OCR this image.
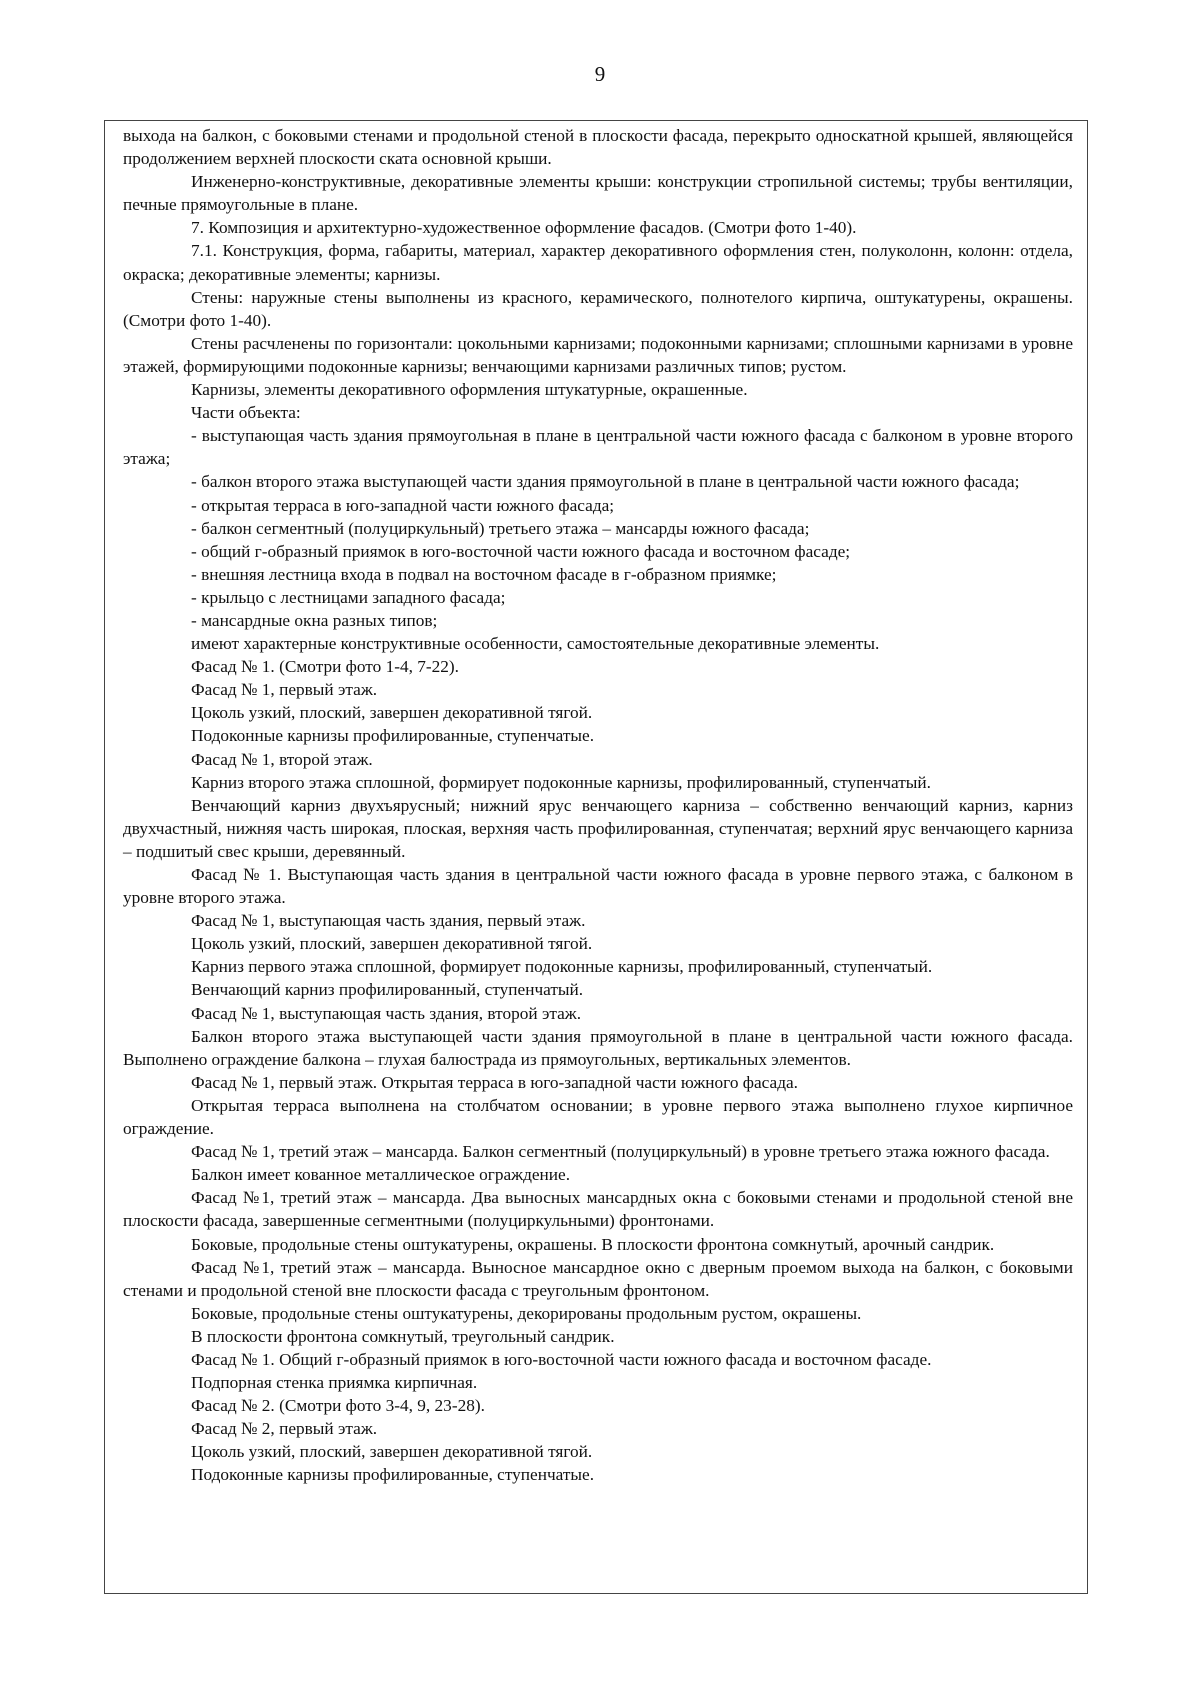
9

выхода на балкон, с боковыми стенами и продольной стеной в плоскости фасада, перекрыто односкатной крышей, являющейся продолжением верхней плоскости ската основной крыши.

Инженерно-конструктивные, декоративные элементы крыши: конструкции стропильной системы; трубы вентиляции, печные прямоугольные в плане.

7. Композиция и архитектурно-художественное оформление фасадов. (Смотри фото 1-40).

7.1. Конструкция, форма, габариты, материал, характер декоративного оформления стен, полуколонн, колонн: отдела, окраска; декоративные элементы; карнизы.

Стены: наружные стены выполнены из красного, керамического, полнотелого кирпича, оштукатурены, окрашены. (Смотри фото 1-40).

Стены расчленены по горизонтали: цокольными карнизами; подоконными карнизами; сплошными карнизами в уровне этажей, формирующими подоконные карнизы; венчающими карнизами различных типов; рустом.

Карнизы, элементы декоративного оформления штукатурные, окрашенные.

Части объекта:

- выступающая часть здания прямоугольная в плане в центральной части южного фасада с балконом в уровне второго этажа;

- балкон второго этажа выступающей части здания прямоугольной в плане в центральной части южного фасада;

- открытая терраса в юго-западной части южного фасада;

- балкон сегментный (полуциркульный) третьего этажа – мансарды южного фасада;

- общий г-образный приямок в юго-восточной части южного фасада и восточном фасаде;

- внешняя лестница входа в подвал на восточном фасаде в г-образном приямке;

- крыльцо с лестницами западного фасада;

- мансардные окна разных типов;

имеют характерные конструктивные особенности, самостоятельные декоративные элементы.

Фасад № 1. (Смотри фото 1-4, 7-22).

Фасад № 1, первый этаж.

Цоколь узкий, плоский, завершен декоративной тягой.

Подоконные карнизы профилированные, ступенчатые.

Фасад № 1, второй этаж.

Карниз второго этажа сплошной, формирует подоконные карнизы, профилированный, ступенчатый.

Венчающий карниз двухъярусный; нижний ярус венчающего карниза – собственно венчающий карниз, карниз двухчастный, нижняя часть широкая, плоская, верхняя часть профилированная, ступенчатая; верхний ярус венчающего карниза – подшитый свес крыши, деревянный.

Фасад № 1. Выступающая часть здания в центральной части южного фасада в уровне первого этажа, с балконом в уровне второго этажа.

Фасад № 1, выступающая часть здания, первый этаж.

Цоколь узкий, плоский, завершен декоративной тягой.

Карниз первого этажа сплошной, формирует подоконные карнизы, профилированный, ступенчатый.

Венчающий карниз профилированный, ступенчатый.

Фасад № 1, выступающая часть здания, второй этаж.

Балкон второго этажа выступающей части здания прямоугольной в плане в центральной части южного фасада. Выполнено ограждение балкона – глухая балюстрада из прямоугольных, вертикальных элементов.

Фасад № 1, первый этаж. Открытая терраса в юго-западной части южного фасада.

Открытая терраса выполнена на столбчатом основании; в уровне первого этажа выполнено глухое кирпичное ограждение.

Фасад № 1, третий этаж – мансарда. Балкон сегментный (полуциркульный) в уровне третьего этажа южного фасада.

Балкон имеет кованное металлическое ограждение.

Фасад №1, третий этаж – мансарда. Два выносных мансардных окна с боковыми стенами и продольной стеной вне плоскости фасада, завершенные сегментными (полуциркульными) фронтонами.

Боковые, продольные стены оштукатурены, окрашены. В плоскости фронтона сомкнутый, арочный сандрик.

Фасад №1, третий этаж – мансарда. Выносное мансардное окно с дверным проемом выхода на балкон, с боковыми стенами и продольной стеной вне плоскости фасада с треугольным фронтоном.

Боковые, продольные стены оштукатурены, декорированы продольным рустом, окрашены.

В плоскости фронтона сомкнутый, треугольный сандрик.

Фасад № 1. Общий г-образный приямок в юго-восточной части южного фасада и восточном фасаде.

Подпорная стенка приямка кирпичная.

Фасад № 2. (Смотри фото 3-4, 9, 23-28).

Фасад № 2, первый этаж.

Цоколь узкий, плоский, завершен декоративной тягой.

Подоконные карнизы профилированные, ступенчатые.
